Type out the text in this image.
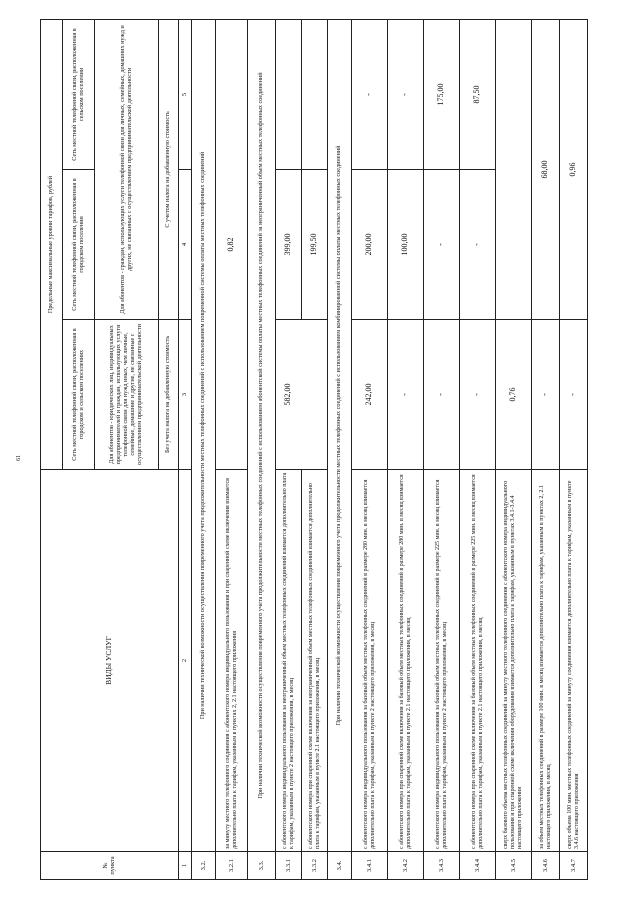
61
№ пункта	ВИДЫ УСЛУГ	Предельные максимальные уровни тарифов, рублей		
		Сеть местной телефонной связи, расположенная в городском и сельском поселениях	Сеть местной телефонной связи, расположенная в городском поселении	Сеть местной телефонной связи, расположенная в сельском поселении
		Для абонентов - юридических лиц, индивидуальных предпринимателей и граждан, использующих услуги телефонной связи для нужд иных, чем личные, семейные, домашние и другие, не связанные с осуществлением предпринимательской деятельности	Для абонентов - граждан, использующих услуги телефонной связи для личных, семейных, домашних нужд и других, не связанных с осуществлением предпринимательской деятельности	
		Без учета налога на добавленную стоимость	С учетом налога на добавленную стоимость	
1	2	3	4	5
3.2.	При наличии технической возможности осуществления повременного учета продолжительности местных телефонных соединений с использованием повременной системы оплаты местных телефонных соединений			
3.2.1	за минуту местного телефонного соединения с абонентского номера индивидуального пользования и при спаренной схеме включения взимается дополнительно плата к тарифам, указанным в пунктах 2, 2.1 настоящего приложения	0,82		
3.3.	При наличии технической возможности осуществления повременного учета продолжительности местных телефонных соединений с использованием абонентской системы оплаты местных телефонных соединений за неограниченный объем местных телефонных соединений			
3.3.1	с абонентского номера индивидуального пользования за неограниченный объем местных телефонных соединений взимается дополнительно плата к тарифам, указанным в пункте 2 настоящего приложения, в месяц	582,00	399,00	
3.3.2	с абонентского номера при спаренной схеме включения за неограниченный объем местных телефонных соединений взимается дополнительно плата к тарифам, указанным в пункте 2.1 настоящего приложения, в месяц		199,50	
3.4.	При наличии технической возможности осуществления повременного учета продолжительности местных телефонных соединений с использованием комбинированной системы оплаты местных телефонных соединений			
3.4.1	с абонентского номера индивидуального пользования за базовый объем местных телефонных соединений в размере 280 мин. в месяц взимается дополнительно плата к тарифам, указанным в пункте 2 настоящего приложения, в месяц	242,00	200,00	-
3.4.2	с абонентского номера при спаренной схеме включения за базовый объем местных телефонных соединений в размере 280 мин. в месяц взимается дополнительно плата к тарифам, указанным в пункте 2.1 настоящего приложения, в месяц	-	100,00	-
3.4.3	с абонентского номера индивидуального пользования за базовый объем местных телефонных соединений в размере 225 мин. в месяц взимается дополнительно плата к тарифам, указанным в пункте 2 настоящего приложения, в месяц	-	-	175,00
3.4.4	с абонентского номера при спаренной схеме включения за базовый объем местных телефонных соединений в размере 225 мин. в месяц взимается дополнительно плата к тарифам, указанным в пункте 2.1 настоящего приложения, в месяц	-	-	87,50
3.4.5	сверх базового объема местных телефонных соединений за минуту местного телефонного соединения с абонентского номера индивидуального пользования и при спаренной схеме включения оборудования взимается дополнительно плата к тарифам, указанным в пунктах 3.4.1-3.4.4 настоящего приложения	0,76		
3.4.6	за объем местных телефонных соединений в размере 100 мин. в месяц взимается дополнительно плата к тарифам, указанным в пунктах 2, 2.1 настоящего приложения, в месяц	-	68,00	
3.4.7	сверх объема 100 мин. местных телефонных соединений за минуту соединения взимается дополнительно плата к тарифам, указанным в пункте 3.4.6 настоящего приложения	-	0,96	
